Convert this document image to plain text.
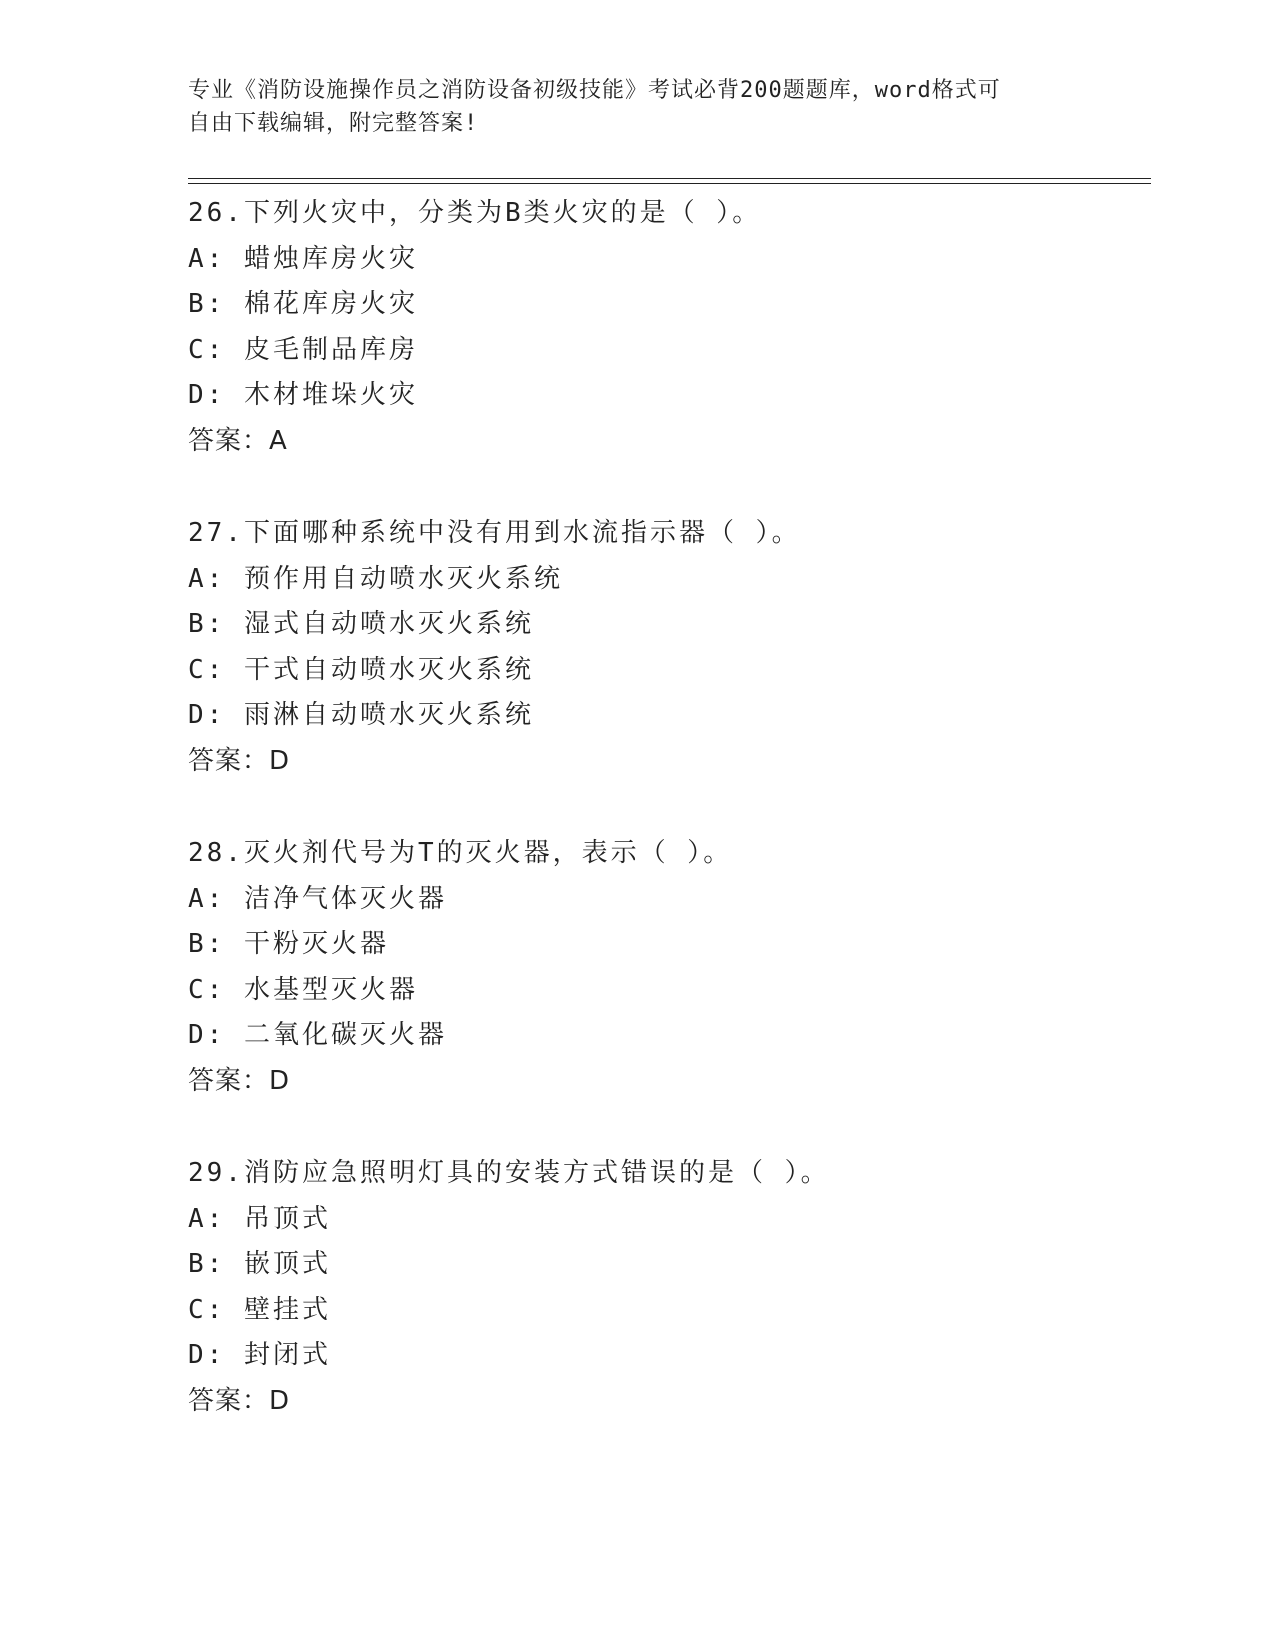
专业《消防设施操作员之消防设备初级技能》考试必背200题题库，word格式可
自由下载编辑，附完整答案!
26.下列火灾中，分类为B类火灾的是（ ）。
A: 蜡烛库房火灾
B: 棉花库房火灾
C: 皮毛制品库房
D: 木材堆垛火灾
答案：A
27.下面哪种系统中没有用到水流指示器（ ）。
A: 预作用自动喷水灭火系统
B: 湿式自动喷水灭火系统
C: 干式自动喷水灭火系统
D: 雨淋自动喷水灭火系统
答案：D
28.灭火剂代号为T的灭火器，表示（ ）。
A: 洁净气体灭火器
B: 干粉灭火器
C: 水基型灭火器
D: 二氧化碳灭火器
答案：D
29.消防应急照明灯具的安装方式错误的是（ ）。
A: 吊顶式
B: 嵌顶式
C: 壁挂式
D: 封闭式
答案：D
